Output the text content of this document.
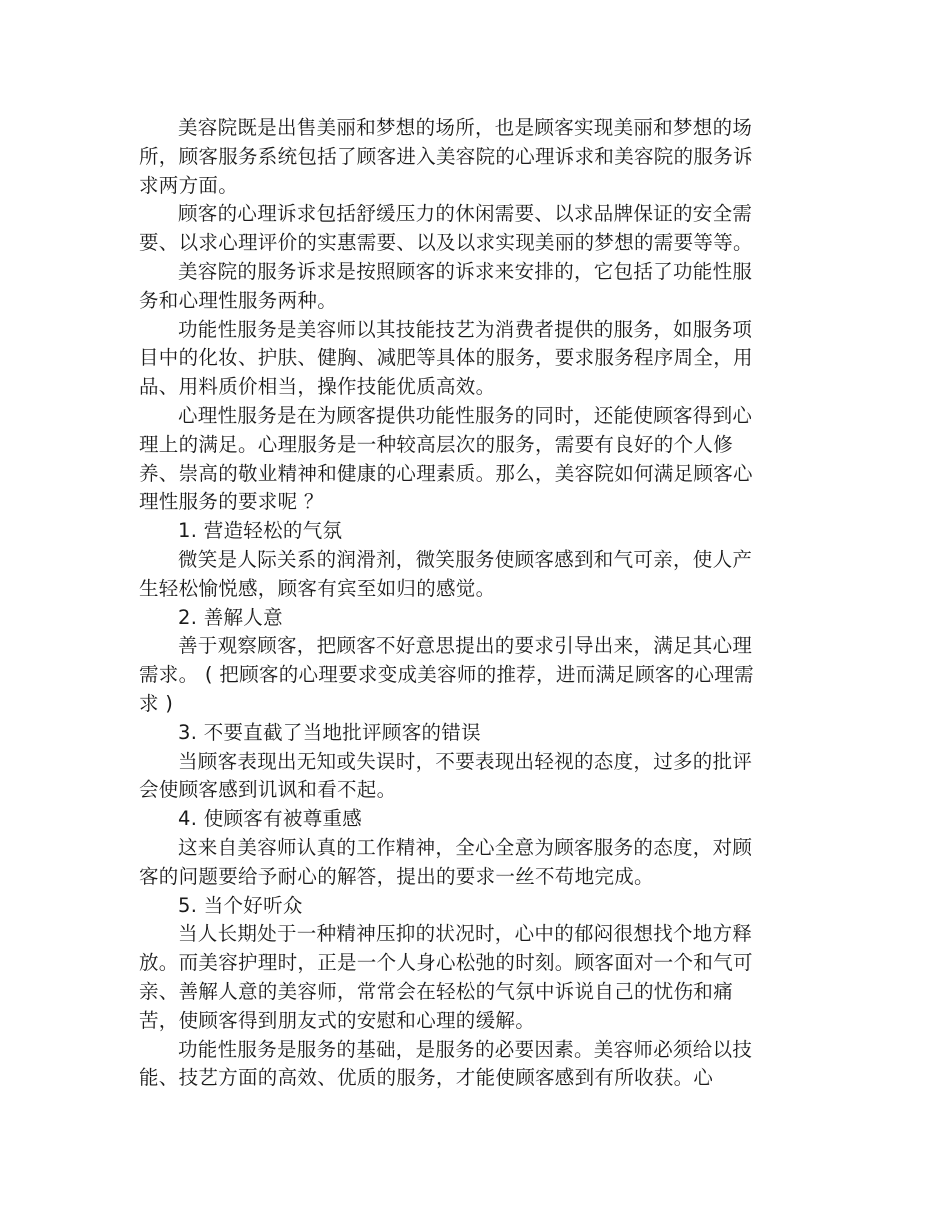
美容院既是出售美丽和梦想的场所，也是顾客实现美丽和梦想的场所，顾客服务系统包括了顾客进入美容院的心理诉求和美容院的服务诉求两方面。

顾客的心理诉求包括舒缓压力的休闲需要、以求品牌保证的安全需要、以求心理评价的实惠需要、以及以求实现美丽的梦想的需要等等。

美容院的服务诉求是按照顾客的诉求来安排的，它包括了功能性服务和心理性服务两种。

功能性服务是美容师以其技能技艺为消费者提供的服务，如服务项目中的化妆、护肤、健胸、减肥等具体的服务，要求服务程序周全，用品、用料质价相当，操作技能优质高效。

心理性服务是在为顾客提供功能性服务的同时，还能使顾客得到心理上的满足。心理服务是一种较高层次的服务，需要有良好的个人修养、崇高的敬业精神和健康的心理素质。那么，美容院如何满足顾客心理性服务的要求呢 ？

1. 营造轻松的气氛

微笑是人际关系的润滑剂，微笑服务使顾客感到和气可亲，使人产生轻松愉悦感，顾客有宾至如归的感觉。

2. 善解人意

善于观察顾客，把顾客不好意思提出的要求引导出来，满足其心理需求。 ( 把顾客的心理要求变成美容师的推荐，进而满足顾客的心理需求 )

3. 不要直截了当地批评顾客的错误

当顾客表现出无知或失误时，不要表现出轻视的态度，过多的批评会使顾客感到讥讽和看不起。

4. 使顾客有被尊重感

这来自美容师认真的工作精神，全心全意为顾客服务的态度，对顾客的问题要给予耐心的解答，提出的要求一丝不苟地完成。

5. 当个好听众

当人长期处于一种精神压抑的状况时，心中的郁闷很想找个地方释放。而美容护理时，正是一个人身心松弛的时刻。顾客面对一个和气可亲、善解人意的美容师，常常会在轻松的气氛中诉说自己的忧伤和痛苦，使顾客得到朋友式的安慰和心理的缓解。

功能性服务是服务的基础，是服务的必要因素。美容师必须给以技能、技艺方面的高效、优质的服务，才能使顾客感到有所收获。心
